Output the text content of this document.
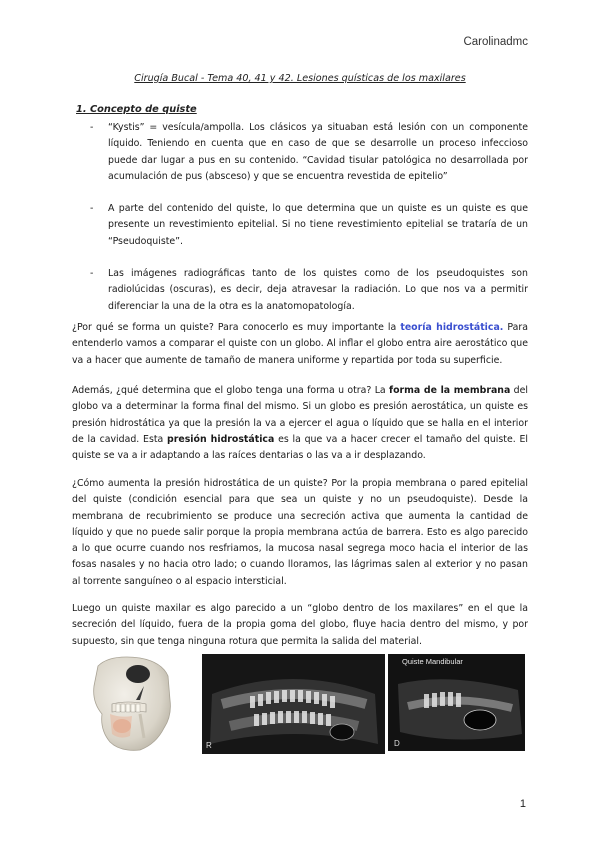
Carolinadmc
Cirugía Bucal - Tema 40, 41 y 42. Lesiones quísticas de los maxilares
1. Concepto de quiste
- “Kystis” = vesícula/ampolla. Los clásicos ya situaban está lesión con un componente líquido. Teniendo en cuenta que en caso de que se desarrolle un proceso infeccioso puede dar lugar a pus en su contenido. “Cavidad tisular patológica no desarrollada por acumulación de pus (absceso) y que se encuentra revestida de epitelio”

- A parte del contenido del quiste, lo que determina que un quiste es un quiste es que presente un revestimiento epitelial. Si no tiene revestimiento epitelial se trataría de un “Pseudoquiste”.

- Las imágenes radiográficas tanto de los quistes como de los pseudoquistes son radiolúcidas (oscuras), es decir, deja atravesar la radiación. Lo que nos va a permitir diferenciar la una de la otra es la anatomopatología.

¿Por qué se forma un quiste? Para conocerlo es muy importante la teoría hidrostática. Para entenderlo vamos a comparar el quiste con un globo. Al inflar el globo entra aire aerostático que va a hacer que aumente de tamaño de manera uniforme y repartida por toda su superficie.

Además, ¿qué determina que el globo tenga una forma u otra? La forma de la membrana del globo va a determinar la forma final del mismo. Si un globo es presión aerostática, un quiste es presión hidrostática ya que la presión la va a ejercer el agua o líquido que se halla en el interior de la cavidad. Esta presión hidrostática es la que va a hacer crecer el tamaño del quiste. El quiste se va a ir adaptando a las raíces dentarias o las va a ir desplazando.

¿Cómo aumenta la presión hidrostática de un quiste? Por la propia membrana o pared epitelial del quiste (condición esencial para que sea un quiste y no un pseudoquiste). Desde la membrana de recubrimiento se produce una secreción activa que aumenta la cantidad de líquido y que no puede salir porque la propia membrana actúa de barrera. Esto es algo parecido a lo que ocurre cuando nos resfriamos, la mucosa nasal segrega moco hacia el interior de las fosas nasales y no hacia otro lado; o cuando lloramos, las lágrimas salen al exterior y no pasan al torrente sanguíneo o al espacio intersticial.

Luego un quiste maxilar es algo parecido a un “globo dentro de los maxilares” en el que la secreción del líquido, fuera de la propia goma del globo, fluye hacia dentro del mismo, y por supuesto, sin que tenga ninguna rotura que permita la salida del material.

R	D
Quiste Mandibular
1
